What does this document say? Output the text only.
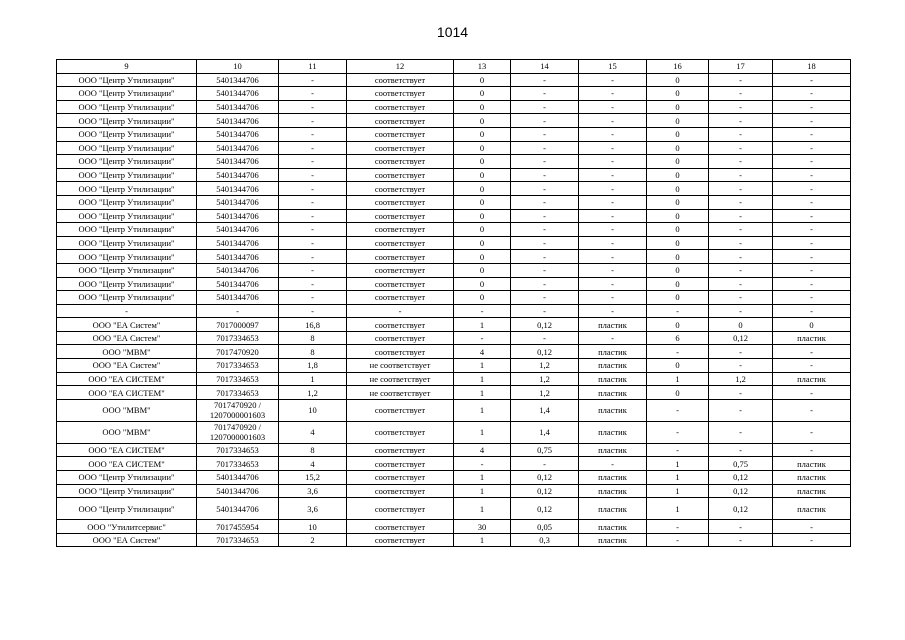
1014
9	10	11	12	13	14	15	16	17	18
ООО "Центр Утилизации"	5401344706	-	соответствует	0	-	-	0	-	-
ООО "Центр Утилизации"	5401344706	-	соответствует	0	-	-	0	-	-
ООО "Центр Утилизации"	5401344706	-	соответствует	0	-	-	0	-	-
ООО "Центр Утилизации"	5401344706	-	соответствует	0	-	-	0	-	-
ООО "Центр Утилизации"	5401344706	-	соответствует	0	-	-	0	-	-
ООО "Центр Утилизации"	5401344706	-	соответствует	0	-	-	0	-	-
ООО "Центр Утилизации"	5401344706	-	соответствует	0	-	-	0	-	-
ООО "Центр Утилизации"	5401344706	-	соответствует	0	-	-	0	-	-
ООО "Центр Утилизации"	5401344706	-	соответствует	0	-	-	0	-	-
ООО "Центр Утилизации"	5401344706	-	соответствует	0	-	-	0	-	-
ООО "Центр Утилизации"	5401344706	-	соответствует	0	-	-	0	-	-
ООО "Центр Утилизации"	5401344706	-	соответствует	0	-	-	0	-	-
ООО "Центр Утилизации"	5401344706	-	соответствует	0	-	-	0	-	-
ООО "Центр Утилизации"	5401344706	-	соответствует	0	-	-	0	-	-
ООО "Центр Утилизации"	5401344706	-	соответствует	0	-	-	0	-	-
ООО "Центр Утилизации"	5401344706	-	соответствует	0	-	-	0	-	-
ООО "Центр Утилизации"	5401344706	-	соответствует	0	-	-	0	-	-
-	-	-	-	-	-	-	-	-	-
ООО "ЕА Систем"	7017000097	16,8	соответствует	1	0,12	пластик	0	0	0
ООО "ЕА Систем"	7017334653	8	соответствует	-	-	-	6	0,12	пластик
ООО "МВМ"	7017470920	8	соответствует	4	0,12	пластик	-	-	-
ООО "ЕА Систем"	7017334653	1,8	не соответствует	1	1,2	пластик	0	-	-
ООО "ЕА СИСТЕМ"	7017334653	1	не соответствует	1	1,2	пластик	1	1,2	пластик
ООО "ЕА СИСТЕМ"	7017334653	1,2	не соответствует	1	1,2	пластик	0	-	-
ООО "МВМ"	7017470920 / 1207000001603	10	соответствует	1	1,4	пластик	-	-	-
ООО "МВМ"	7017470920 / 1207000001603	4	соответствует	1	1,4	пластик	-	-	-
ООО "ЕА СИСТЕМ"	7017334653	8	соответствует	4	0,75	пластик	-	-	-
ООО "ЕА СИСТЕМ"	7017334653	4	соответствует	-	-	-	1	0,75	пластик
ООО "Центр Утилизации"	5401344706	15,2	соответствует	1	0,12	пластик	1	0,12	пластик
ООО "Центр Утилизации"	5401344706	3,6	соответствует	1	0,12	пластик	1	0,12	пластик
ООО "Центр Утилизации"	5401344706	3,6	соответствует	1	0,12	пластик	1	0,12	пластик
ООО "Утилитсервис"	7017455954	10	соответствует	30	0,05	пластик	-	-	-
ООО "ЕА Систем"	7017334653	2	соответствует	1	0,3	пластик	-	-	-
